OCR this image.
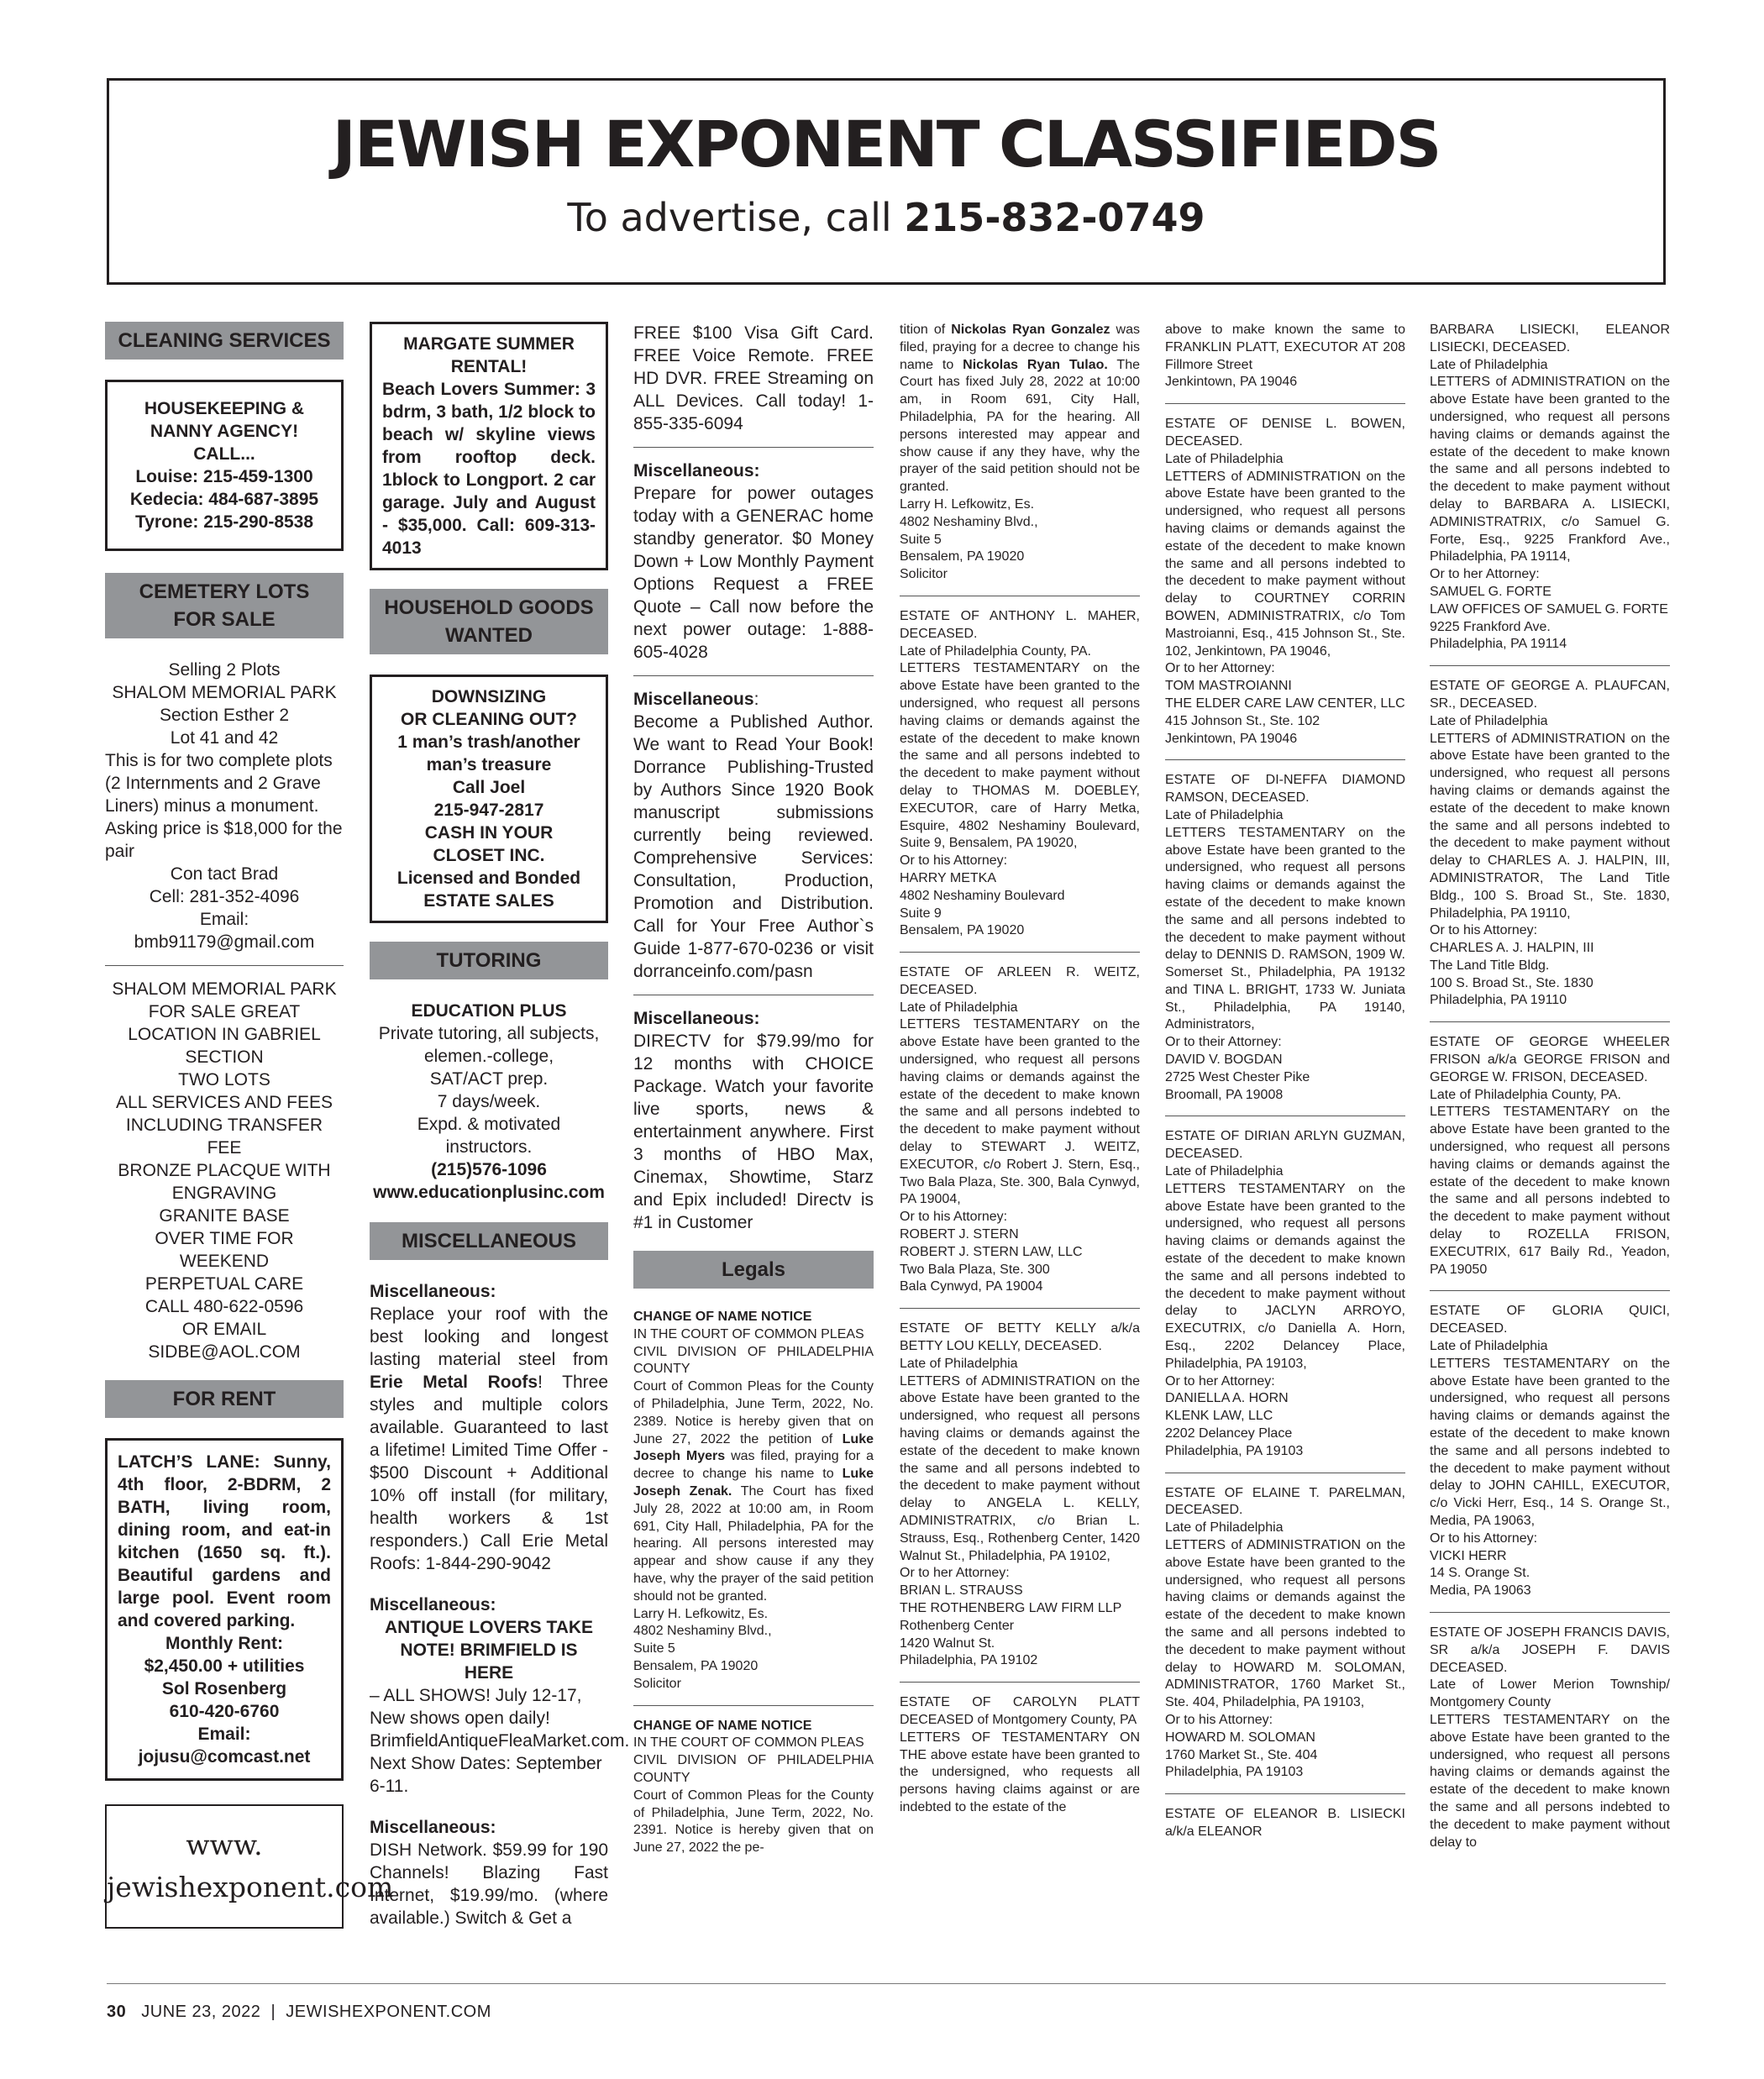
JEWISH EXPONENT CLASSIFIEDS
To advertise, call 215-832-0749
CLEANING SERVICES
HOUSEKEEPING &
NANNY AGENCY!
CALL...
Louise: 215-459-1300
Kedecia: 484-687-3895
Tyrone: 215-290-8538
CEMETERY LOTS
FOR SALE
Selling 2 Plots
SHALOM MEMORIAL PARK
Section Esther 2
Lot 41 and 42
This is for two complete plots (2 Internments and 2 Grave Liners) minus a monument. Asking price is $18,000 for the pair
Con tact Brad
Cell: 281-352-4096
Email:
bmb91179@gmail.com
SHALOM MEMORIAL PARK
FOR SALE GREAT
LOCATION IN GABRIEL
SECTION
TWO LOTS
ALL SERVICES AND FEES
INCLUDING TRANSFER
FEE
BRONZE PLACQUE WITH
ENGRAVING
GRANITE BASE
OVER TIME FOR
WEEKEND
PERPETUAL CARE
CALL 480-622-0596
OR EMAIL
SIDBE@AOL.COM
FOR RENT
LATCH’S LANE: Sunny, 4th floor, 2-BDRM, 2 BATH, living room, dining room, and eat-in kitchen (1650 sq. ft.). Beautiful gardens and large pool. Event room and covered parking.
Monthly Rent:
$2,450.00 + utilities
Sol Rosenberg
610-420-6760
Email:
jojusu@comcast.net
www.
jewishexponent.com
MARGATE SUMMER
RENTAL!
Beach Lovers Summer: 3 bdrm, 3 bath, 1/2 block to beach w/ skyline views from rooftop deck. 1block to Longport. 2 car garage. July and August - $35,000. Call: 609-313-4013
HOUSEHOLD GOODS
WANTED
DOWNSIZING
OR CLEANING OUT?
1 man’s trash/another
man’s treasure
Call Joel
215-947-2817
CASH IN YOUR
CLOSET INC.
Licensed and Bonded
ESTATE SALES
TUTORING
EDUCATION PLUS
Private tutoring, all subjects,
elemen.-college,
SAT/ACT prep.
7 days/week.
Expd. & motivated
instructors.
(215)576-1096
www.educationplusinc.com
MISCELLANEOUS
Miscellaneous:
Replace your roof with the best looking and longest lasting material steel from Erie Metal Roofs! Three styles and multiple colors available. Guaranteed to last a lifetime! Limited Time Offer - $500 Discount + Additional 10% off install (for military, health workers & 1st responders.) Call Erie Metal Roofs: 1-844-290-9042
Miscellaneous:
ANTIQUE LOVERS TAKE
NOTE! BRIMFIELD IS
HERE
– ALL SHOWS! July 12-17, New shows open daily! BrimfieldAntiqueFleaMarket.com. Next Show Dates: September 6-11.
Miscellaneous:
DISH Network. $59.99 for 190 Channels! Blazing Fast Internet, $19.99/mo. (where available.) Switch & Get a
FREE $100 Visa Gift Card. FREE Voice Remote. FREE HD DVR. FREE Streaming on ALL Devices. Call today! 1-855-335-6094
Miscellaneous:
Prepare for power outages today with a GENERAC home standby generator. $0 Money Down + Low Monthly Payment Options Request a FREE Quote – Call now before the next power outage: 1-888-605-4028
Miscellaneous:
Become a Published Author. We want to Read Your Book! Dorrance Publishing-Trusted by Authors Since 1920 Book manuscript submissions currently being reviewed. Comprehensive Services: Consultation, Production, Promotion and Distribution. Call for Your Free Author`s Guide 1-877-670-0236 or visit dorranceinfo.com/pasn
Miscellaneous:
DIRECTV for $79.99/mo for 12 months with CHOICE Package. Watch your favorite live sports, news & entertainment anywhere. First 3 months of HBO Max, Cinemax, Showtime, Starz and Epix included! Directv is #1 in Customer
Legals
CHANGE OF NAME NOTICE
IN THE COURT OF COMMON PLEAS
CIVIL DIVISION OF PHILADELPHIA COUNTY
Court of Common Pleas for the County of Philadelphia, June Term, 2022, No. 2389. Notice is hereby given that on June 27, 2022 the petition of Luke Joseph Myers was filed, praying for a decree to change his name to Luke Joseph Zenak. The Court has fixed July 28, 2022 at 10:00 am, in Room 691, City Hall, Philadelphia, PA for the hearing. All persons interested may appear and show cause if any they have, why the prayer of the said petition should not be granted.
Larry H. Lefkowitz, Es.
4802 Neshaminy Blvd.,
Suite 5
Bensalem, PA 19020
Solicitor
CHANGE OF NAME NOTICE
IN THE COURT OF COMMON PLEAS
CIVIL DIVISION OF PHILADELPHIA COUNTY
Court of Common Pleas for the County of Philadelphia, June Term, 2022, No. 2391. Notice is hereby given that on June 27, 2022 the pe-
tition of Nickolas Ryan Gonzalez was filed, praying for a decree to change his name to Nickolas Ryan Tulao. The Court has fixed July 28, 2022 at 10:00 am, in Room 691, City Hall, Philadelphia, PA for the hearing. All persons interested may appear and show cause if any they have, why the prayer of the said petition should not be granted.
Larry H. Lefkowitz, Es.
4802 Neshaminy Blvd.,
Suite 5
Bensalem, PA 19020
Solicitor
ESTATE OF ANTHONY L. MAHER, DECEASED.
Late of Philadelphia County, PA.
LETTERS TESTAMENTARY on the above Estate have been granted to the undersigned, who request all persons having claims or demands against the estate of the decedent to make known the same and all persons indebted to the decedent to make payment without delay to THOMAS M. DOEBLEY, EXECUTOR, care of Harry Metka, Esquire, 4802 Neshaminy Boulevard, Suite 9, Bensalem, PA 19020,
Or to his Attorney:
HARRY METKA
4802 Neshaminy Boulevard
Suite 9
Bensalem, PA 19020
ESTATE OF ARLEEN R. WEITZ, DECEASED.
Late of Philadelphia
LETTERS TESTAMENTARY on the above Estate have been granted to the undersigned, who request all persons having claims or demands against the estate of the decedent to make known the same and all persons indebted to the decedent to make payment without delay to STEWART J. WEITZ, EXECUTOR, c/o Robert J. Stern, Esq., Two Bala Plaza, Ste. 300, Bala Cynwyd, PA 19004,
Or to his Attorney:
ROBERT J. STERN
ROBERT J. STERN LAW, LLC
Two Bala Plaza, Ste. 300
Bala Cynwyd, PA 19004
ESTATE OF BETTY KELLY a/k/a BETTY LOU KELLY, DECEASED.
Late of Philadelphia
LETTERS of ADMINISTRATION on the above Estate have been granted to the undersigned, who request all persons having claims or demands against the estate of the decedent to make known the same and all persons indebted to the decedent to make payment without delay to ANGELA L. KELLY, ADMINISTRATRIX, c/o Brian L. Strauss, Esq., Rothenberg Center, 1420 Walnut St., Philadelphia, PA 19102,
Or to her Attorney:
BRIAN L. STRAUSS
THE ROTHENBERG LAW FIRM LLP
Rothenberg Center
1420 Walnut St.
Philadelphia, PA 19102
ESTATE OF CAROLYN PLATT DECEASED of Montgomery County, PA
LETTERS OF TESTAMENTARY ON THE above estate have been granted to the undersigned, who requests all persons having claims against or are indebted to the estate of the
above to make known the same to FRANKLIN PLATT, EXECUTOR AT 208 Fillmore Street
Jenkintown, PA 19046
ESTATE OF DENISE L. BOWEN, DECEASED.
Late of Philadelphia
LETTERS of ADMINISTRATION on the above Estate have been granted to the undersigned, who request all persons having claims or demands against the estate of the decedent to make known the same and all persons indebted to the decedent to make payment without delay to COURTNEY CORRIN BOWEN, ADMINISTRATRIX, c/o Tom Mastroianni, Esq., 415 Johnson St., Ste. 102, Jenkintown, PA 19046,
Or to her Attorney:
TOM MASTROIANNI
THE ELDER CARE LAW CENTER, LLC
415 Johnson St., Ste. 102
Jenkintown, PA 19046
ESTATE OF DI-NEFFA DIAMOND RAMSON, DECEASED.
Late of Philadelphia
LETTERS TESTAMENTARY on the above Estate have been granted to the undersigned, who request all persons having claims or demands against the estate of the decedent to make known the same and all persons indebted to the decedent to make payment without delay to DENNIS D. RAMSON, 1909 W. Somerset St., Philadelphia, PA 19132 and TINA L. BRIGHT, 1733 W. Juniata St., Philadelphia, PA 19140, Administrators,
Or to their Attorney:
DAVID V. BOGDAN
2725 West Chester Pike
Broomall, PA 19008
ESTATE OF DIRIAN ARLYN GUZMAN, DECEASED.
Late of Philadelphia
LETTERS TESTAMENTARY on the above Estate have been granted to the undersigned, who request all persons having claims or demands against the estate of the decedent to make known the same and all persons indebted to the decedent to make payment without delay to JACLYN ARROYO, EXECUTRIX, c/o Daniella A. Horn, Esq., 2202 Delancey Place, Philadelphia, PA 19103,
Or to her Attorney:
DANIELLA A. HORN
KLENK LAW, LLC
2202 Delancey Place
Philadelphia, PA 19103
ESTATE OF ELAINE T. PARELMAN, DECEASED.
Late of Philadelphia
LETTERS of ADMINISTRATION on the above Estate have been granted to the undersigned, who request all persons having claims or demands against the estate of the decedent to make known the same and all persons indebted to the decedent to make payment without delay to HOWARD M. SOLOMAN, ADMINISTRATOR, 1760 Market St., Ste. 404, Philadelphia, PA 19103,
Or to his Attorney:
HOWARD M. SOLOMAN
1760 Market St., Ste. 404
Philadelphia, PA 19103
ESTATE OF ELEANOR B. LISIECKI a/k/a ELEANOR
BARBARA LISIECKI, ELEANOR LISIECKI, DECEASED.
Late of Philadelphia
LETTERS of ADMINISTRATION on the above Estate have been granted to the undersigned, who request all persons having claims or demands against the estate of the decedent to make known the same and all persons indebted to the decedent to make payment without delay to BARBARA A. LISIECKI, ADMINISTRATRIX, c/o Samuel G. Forte, Esq., 9225 Frankford Ave., Philadelphia, PA 19114,
Or to her Attorney:
SAMUEL G. FORTE
LAW OFFICES OF SAMUEL G. FORTE
9225 Frankford Ave.
Philadelphia, PA 19114
ESTATE OF GEORGE A. PLAUFCAN, SR., DECEASED.
Late of Philadelphia
LETTERS of ADMINISTRATION on the above Estate have been granted to the undersigned, who request all persons having claims or demands against the estate of the decedent to make known the same and all persons indebted to the decedent to make payment without delay to CHARLES A. J. HALPIN, III, ADMINISTRATOR, The Land Title Bldg., 100 S. Broad St., Ste. 1830, Philadelphia, PA 19110,
Or to his Attorney:
CHARLES A. J. HALPIN, III
The Land Title Bldg.
100 S. Broad St., Ste. 1830
Philadelphia, PA 19110
ESTATE OF GEORGE WHEELER FRISON a/k/a GEORGE FRISON and GEORGE W. FRISON, DECEASED.
Late of Philadelphia County, PA.
LETTERS TESTAMENTARY on the above Estate have been granted to the undersigned, who request all persons having claims or demands against the estate of the decedent to make known the same and all persons indebted to the decedent to make payment without delay to ROZELLA FRISON, EXECUTRIX, 617 Baily Rd., Yeadon, PA 19050
ESTATE OF GLORIA QUICI, DECEASED.
Late of Philadelphia
LETTERS TESTAMENTARY on the above Estate have been granted to the undersigned, who request all persons having claims or demands against the estate of the decedent to make known the same and all persons indebted to the decedent to make payment without delay to JOHN CAHILL, EXECUTOR, c/o Vicki Herr, Esq., 14 S. Orange St., Media, PA 19063,
Or to his Attorney:
VICKI HERR
14 S. Orange St.
Media, PA 19063
ESTATE OF JOSEPH FRANCIS DAVIS, SR a/k/a JOSEPH F. DAVIS DECEASED.
Late of Lower Merion Township/ Montgomery County
LETTERS TESTAMENTARY on the above Estate have been granted to the undersigned, who request all persons having claims or demands against the estate of the decedent to make known the same and all persons indebted to the decedent to make payment without delay to
30 JUNE 23, 2022  |  JEWISHEXPONENT.COM
